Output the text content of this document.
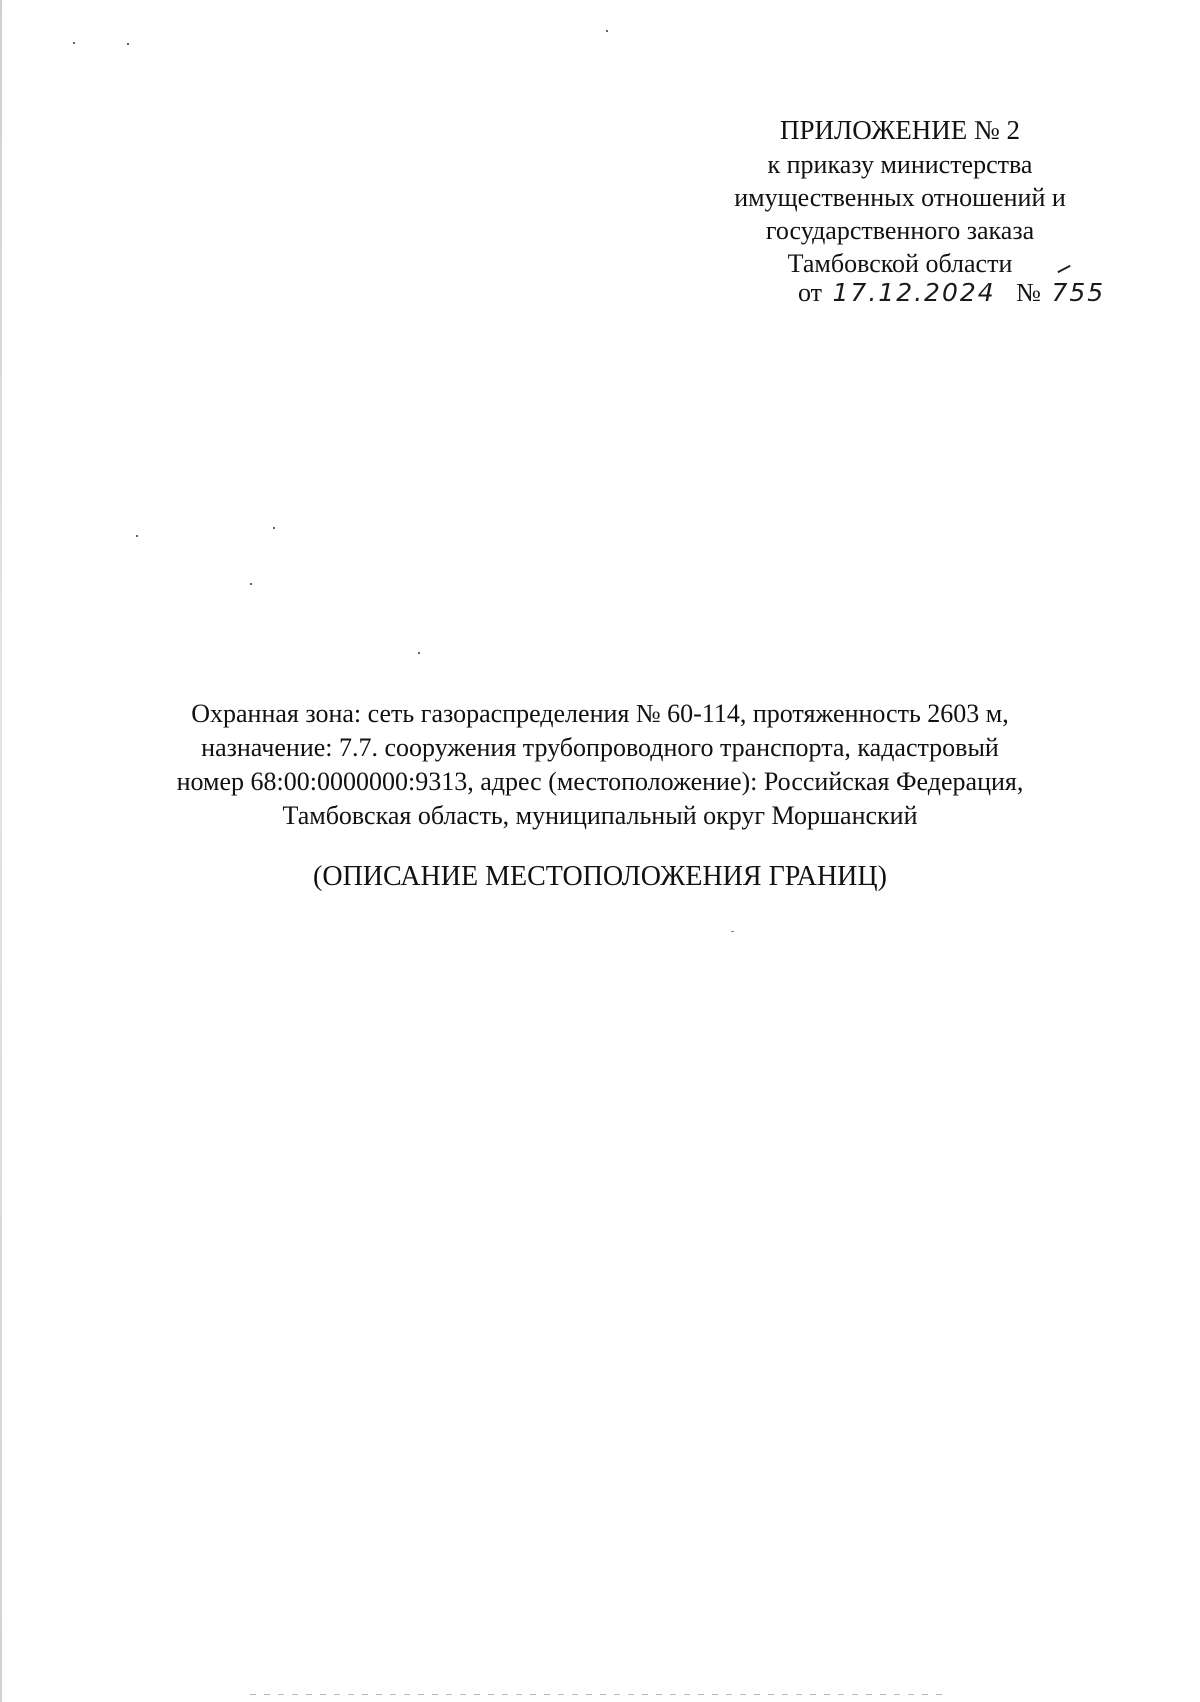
ПРИЛОЖЕНИЕ № 2
к приказу министерства
имущественных отношений и
государственного заказа
Тамбовской области
от 17.12.2024 № 755
Охранная зона: сеть газораспределения № 60-114, протяженность 2603 м,
назначение: 7.7. сооружения трубопроводного транспорта, кадастровый
номер 68:00:0000000:9313, адрес (местоположение): Российская Федерация,
Тамбовская область, муниципальный округ Моршанский
(ОПИСАНИЕ МЕСТОПОЛОЖЕНИЯ ГРАНИЦ)
